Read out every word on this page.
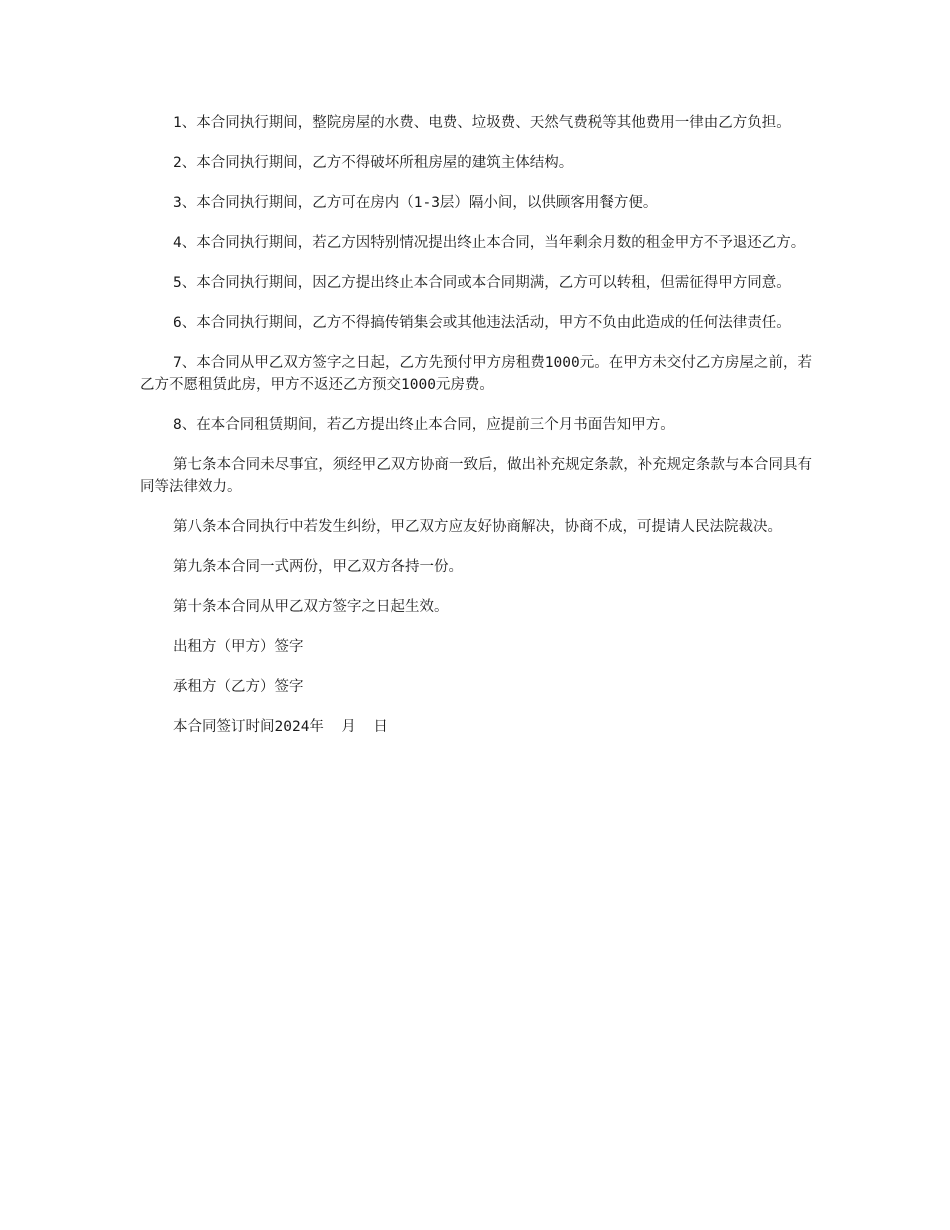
1、本合同执行期间，整院房屋的水费、电费、垃圾费、天然气费税等其他费用一律由乙方负担。

2、本合同执行期间，乙方不得破坏所租房屋的建筑主体结构。

3、本合同执行期间，乙方可在房内（1-3层）隔小间，以供顾客用餐方便。

4、本合同执行期间，若乙方因特别情况提出终止本合同，当年剩余月数的租金甲方不予退还乙方。

5、本合同执行期间，因乙方提出终止本合同或本合同期满，乙方可以转租，但需征得甲方同意。

6、本合同执行期间，乙方不得搞传销集会或其他违法活动，甲方不负由此造成的任何法律责任。

7、本合同从甲乙双方签字之日起，乙方先预付甲方房租费1000元。在甲方未交付乙方房屋之前，若乙方不愿租赁此房，甲方不返还乙方预交1000元房费。

8、在本合同租赁期间，若乙方提出终止本合同，应提前三个月书面告知甲方。

第七条本合同未尽事宜，须经甲乙双方协商一致后，做出补充规定条款，补充规定条款与本合同具有同等法律效力。

第八条本合同执行中若发生纠纷，甲乙双方应友好协商解决，协商不成，可提请人民法院裁决。

第九条本合同一式两份，甲乙双方各持一份。

第十条本合同从甲乙双方签字之日起生效。

出租方（甲方）签字

承租方（乙方）签字

本合同签订时间2024年  月  日
